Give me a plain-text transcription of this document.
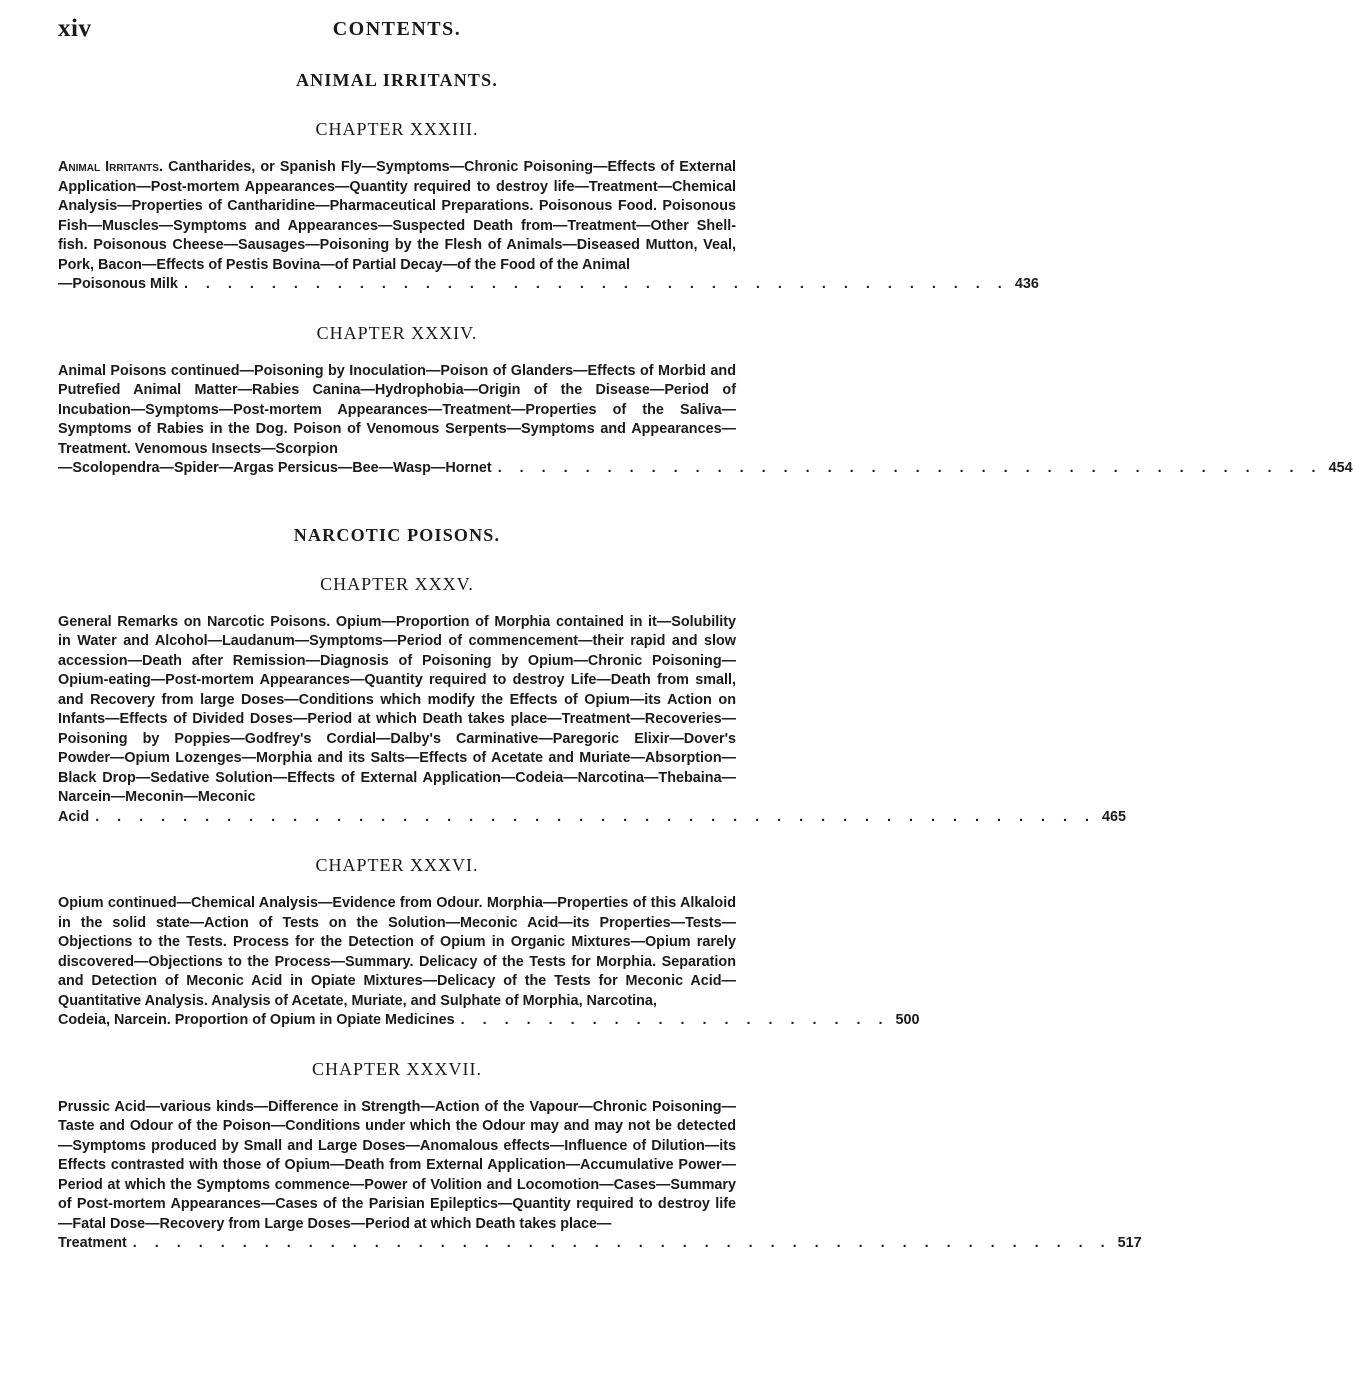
xiv	CONTENTS.
ANIMAL IRRITANTS.
CHAPTER XXXIII.

Animal Irritants. Cantharides, or Spanish Fly—Symptoms—Chronic Poisoning—Effects of External Application—Post-mortem Appearances—Quantity required to destroy life—Treatment—Chemical Analysis—Properties of Cantharidine—Pharmaceutical Preparations. Poisonous Food. Poisonous Fish—Muscles—Symptoms and Appearances—Suspected Death from—Treatment—Other Shell-fish. Poisonous Cheese—Sausages—Poisoning by the Flesh of Animals—Diseased Mutton, Veal, Pork, Bacon—Effects of Pestis Bovina—of Partial Decay—of the Food of the Animal

—Poisonous Milk . . . . . . . . . . . . . . . . . . . . . . . . . . . . . . . . . . . . . . 436

CHAPTER XXXIV.

Animal Poisons continued—Poisoning by Inoculation—Poison of Glanders—Effects of Morbid and Putrefied Animal Matter—Rabies Canina—Hydrophobia—Origin of the Disease—Period of Incubation—Symptoms—Post-mortem Appearances—Treatment—Properties of the Saliva—Symptoms of Rabies in the Dog. Poison of Venomous Serpents—Symptoms and Appearances—Treatment. Venomous Insects—Scorpion

—Scolopendra—Spider—Argas Persicus—Bee—Wasp—Hornet . . . . . . . . . . . . . . . . . . . . . . . . . . . . . . . . . . . . . . 454

NARCOTIC POISONS.
CHAPTER XXXV.

General Remarks on Narcotic Poisons. Opium—Proportion of Morphia contained in it—Solubility in Water and Alcohol—Laudanum—Symptoms—Period of commencement—their rapid and slow accession—Death after Remission—Diagnosis of Poisoning by Opium—Chronic Poisoning—Opium-eating—Post-mortem Appearances—Quantity required to destroy Life—Death from small, and Recovery from large Doses—Conditions which modify the Effects of Opium—its Action on Infants—Effects of Divided Doses—Period at which Death takes place—Treatment—Recoveries—Poisoning by Poppies—Godfrey's Cordial—Dalby's Carminative—Paregoric Elixir—Dover's Powder—Opium Lozenges—Morphia and its Salts—Effects of Acetate and Muriate—Absorption—Black Drop—Sedative Solution—Effects of External Application—Codeia—Narcotina—Thebaina—Narcein—Meconin—Meconic

Acid . . . . . . . . . . . . . . . . . . . . . . . . . . . . . . . . . . . . . . . . . . . . . . 465

CHAPTER XXXVI.

Opium continued—Chemical Analysis—Evidence from Odour. Morphia—Properties of this Alkaloid in the solid state—Action of Tests on the Solution—Meconic Acid—its Properties—Tests—Objections to the Tests. Process for the Detection of Opium in Organic Mixtures—Opium rarely discovered—Objections to the Process—Summary. Delicacy of the Tests for Morphia. Separation and Detection of Meconic Acid in Opiate Mixtures—Delicacy of the Tests for Meconic Acid—Quantitative Analysis. Analysis of Acetate, Muriate, and Sulphate of Morphia, Narcotina,

Codeia, Narcein. Proportion of Opium in Opiate Medicines . . . . . . . . . . . . . . . . . . . . 500

CHAPTER XXXVII.

Prussic Acid—various kinds—Difference in Strength—Action of the Vapour—Chronic Poisoning—Taste and Odour of the Poison—Conditions under which the Odour may and may not be detected—Symptoms produced by Small and Large Doses—Anomalous effects—Influence of Dilution—its Effects contrasted with those of Opium—Death from External Application—Accumulative Power—Period at which the Symptoms commence—Power of Volition and Locomotion—Cases—Summary of Post-mortem Appearances—Cases of the Parisian Epileptics—Quantity required to destroy life—Fatal Dose—Recovery from Large Doses—Period at which Death takes place—

Treatment . . . . . . . . . . . . . . . . . . . . . . . . . . . . . . . . . . . . . . . . . . . . . 517
